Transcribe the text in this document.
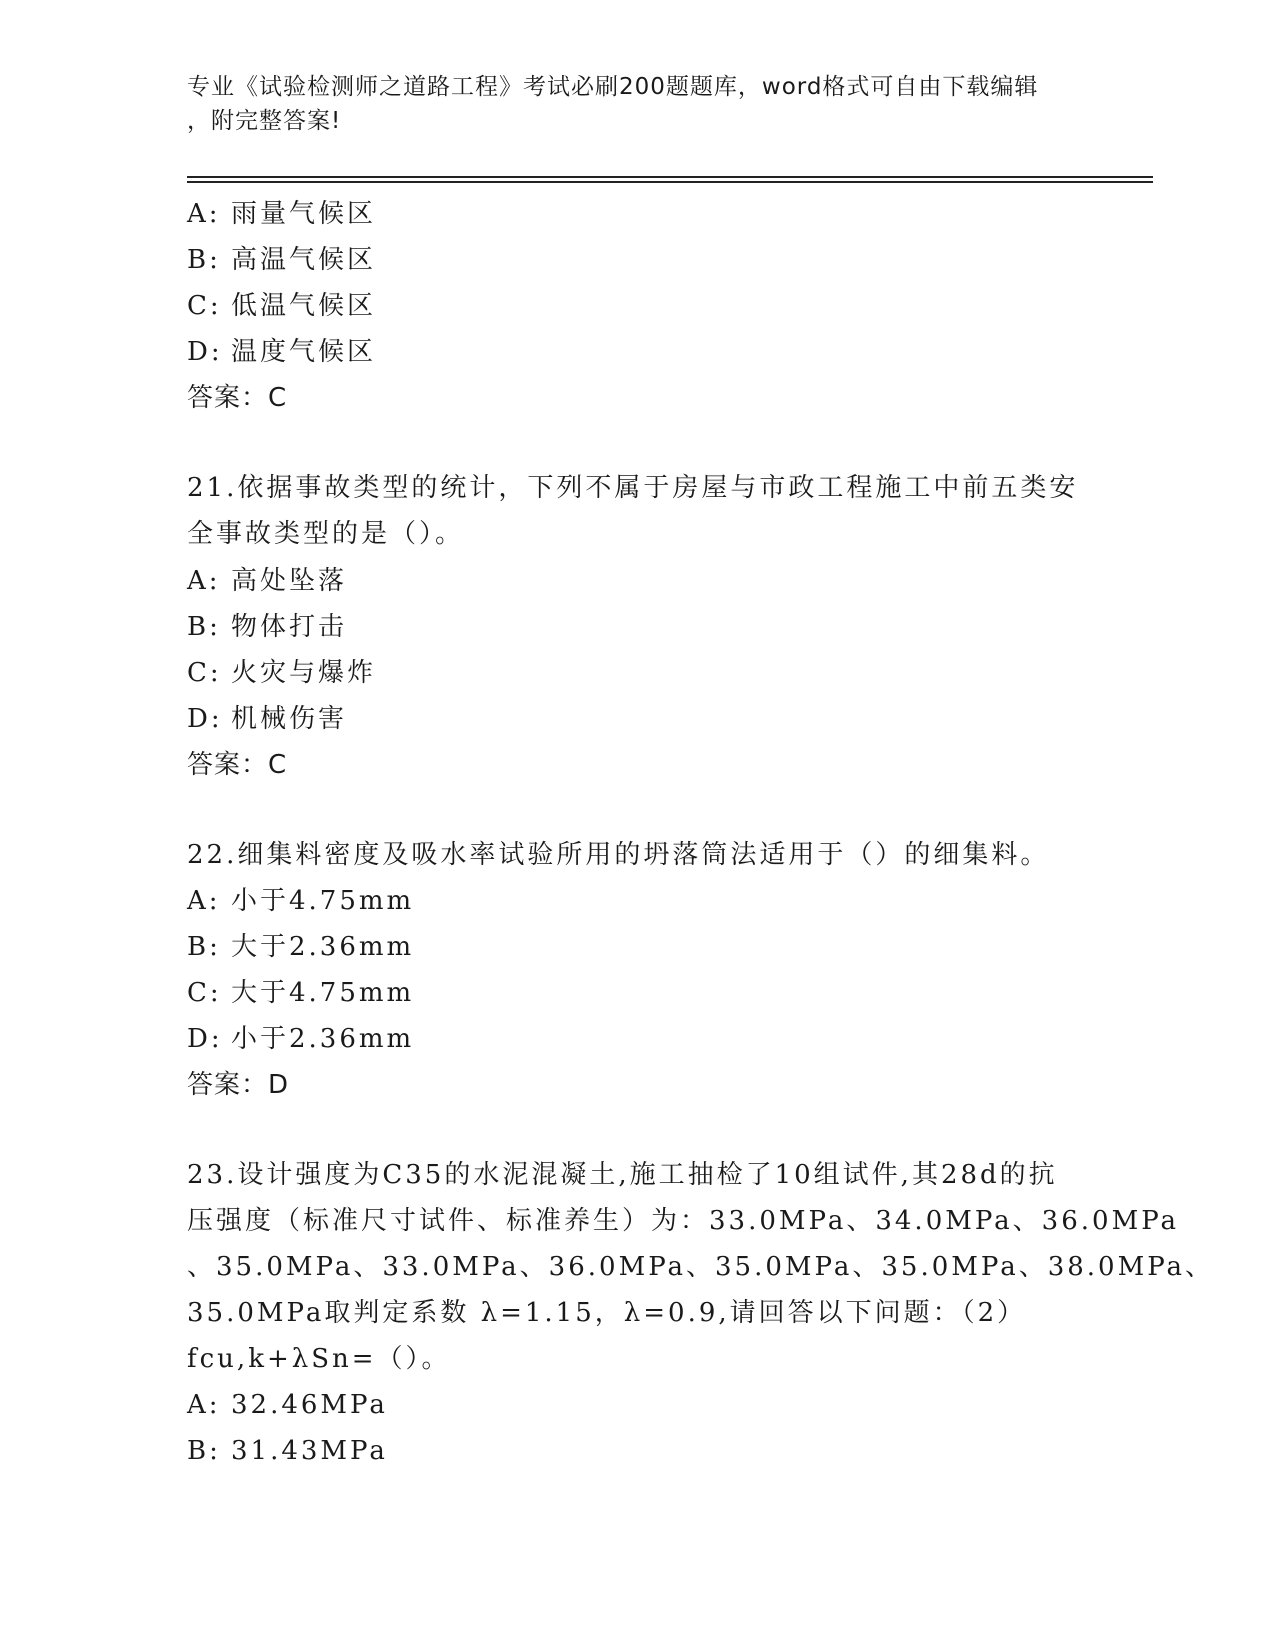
专业《试验检测师之道路工程》考试必刷200题题库，word格式可自由下载编辑
，附完整答案!
A: 雨量气候区
B: 高温气候区
C: 低温气候区
D: 温度气候区
答案：C
21.依据事故类型的统计，下列不属于房屋与市政工程施工中前五类安
全事故类型的是（）。
A: 高处坠落
B: 物体打击
C: 火灾与爆炸
D: 机械伤害
答案：C
22.细集料密度及吸水率试验所用的坍落筒法适用于（）的细集料。
A: 小于4.75mm
B: 大于2.36mm
C: 大于4.75mm
D: 小于2.36mm
答案：D
23.设计强度为C35的水泥混凝土,施工抽检了10组试件,其28d的抗
压强度（标准尺寸试件、标准养生）为：33.0MPa、34.0MPa、36.0MPa
、35.0MPa、33.0MPa、36.0MPa、35.0MPa、35.0MPa、38.0MPa、
35.0MPa取判定系数 λ=1.15，λ=0.9,请回答以下问题：（2）
fcu,k+λSn=（）。
A: 32.46MPa
B: 31.43MPa
